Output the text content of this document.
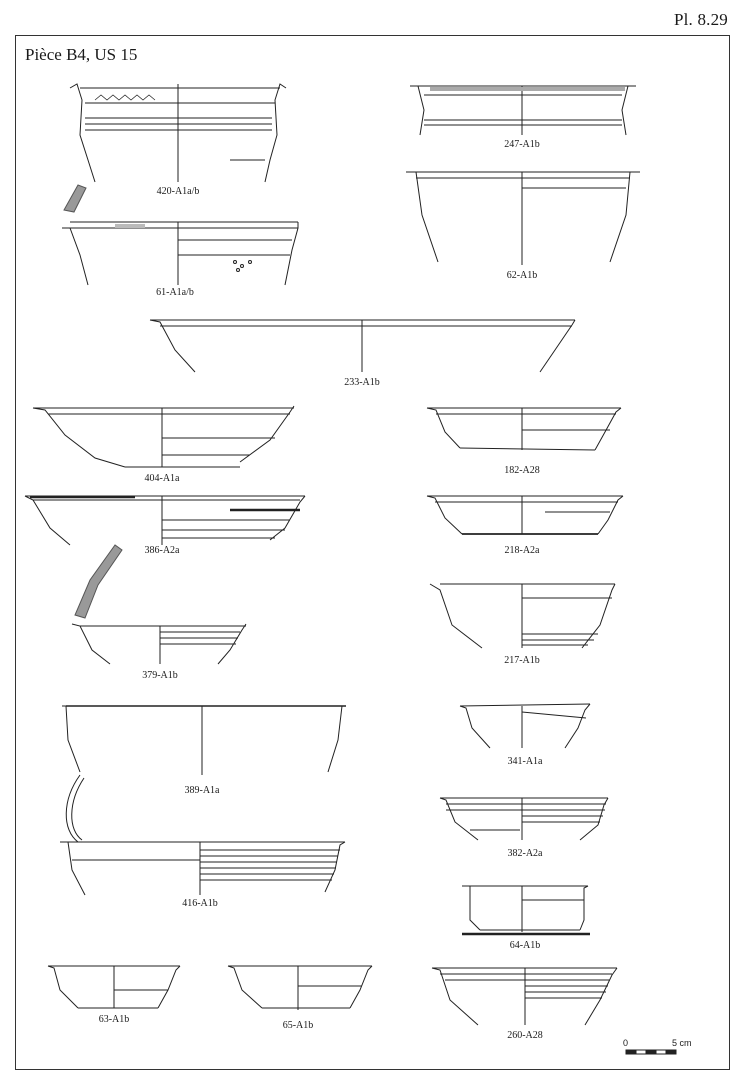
Pl. 8.29
Pièce B4, US 15
420-A1a/b
61-A1a/b
247-A1b
62-A1b
233-A1b
404-A1a
182-A28
386-A2a	218-A2a
379-A1b
217-A1b
389-A1a
341-A1a
382-A2a
416-A1b
64-A1b
63-A1b
65-A1b
260-A28
0	5 cm
